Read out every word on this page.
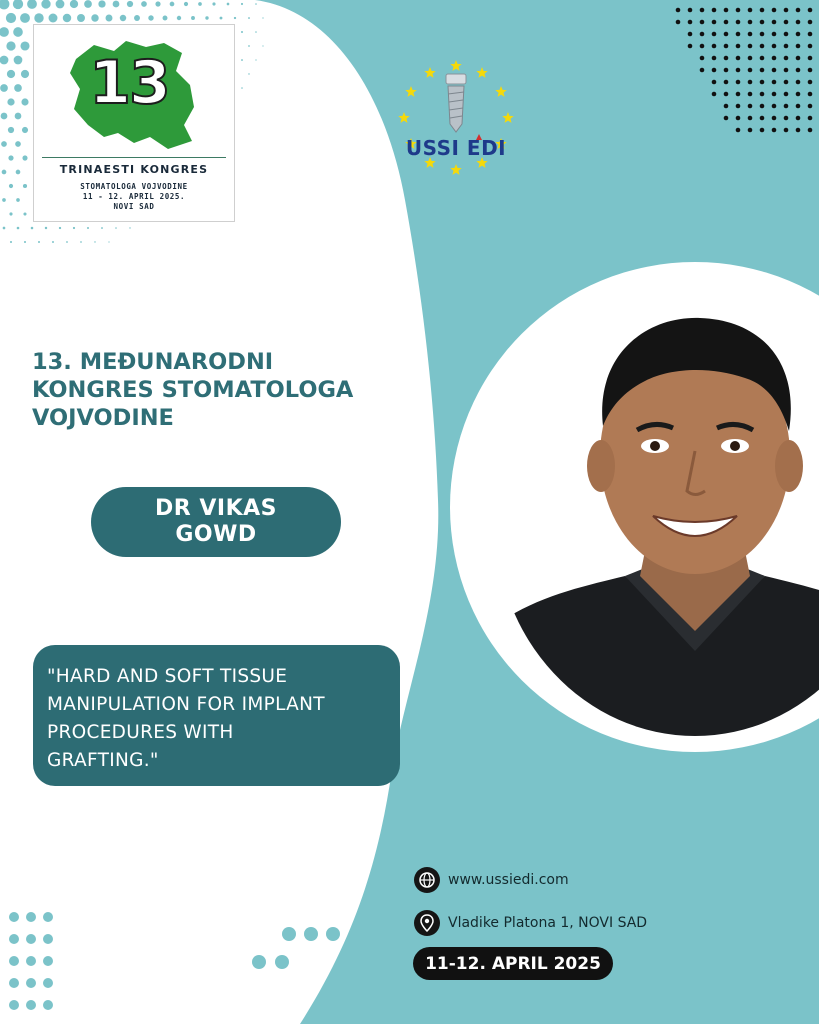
13
TRINAESTI KONGRES
STOMATOLOGA VOJVODINE
11 - 12. APRIL 2025.
NOVI SAD
USSI EDI
13. MEĐUNARODNI
KONGRES STOMATOLOGA
VOJVODINE
DR VIKAS
GOWD
"HARD AND SOFT TISSUE
MANIPULATION FOR IMPLANT
PROCEDURES WITH
GRAFTING."
www.ussiedi.com
Vladike Platona 1, NOVI SAD
11-12. APRIL 2025
